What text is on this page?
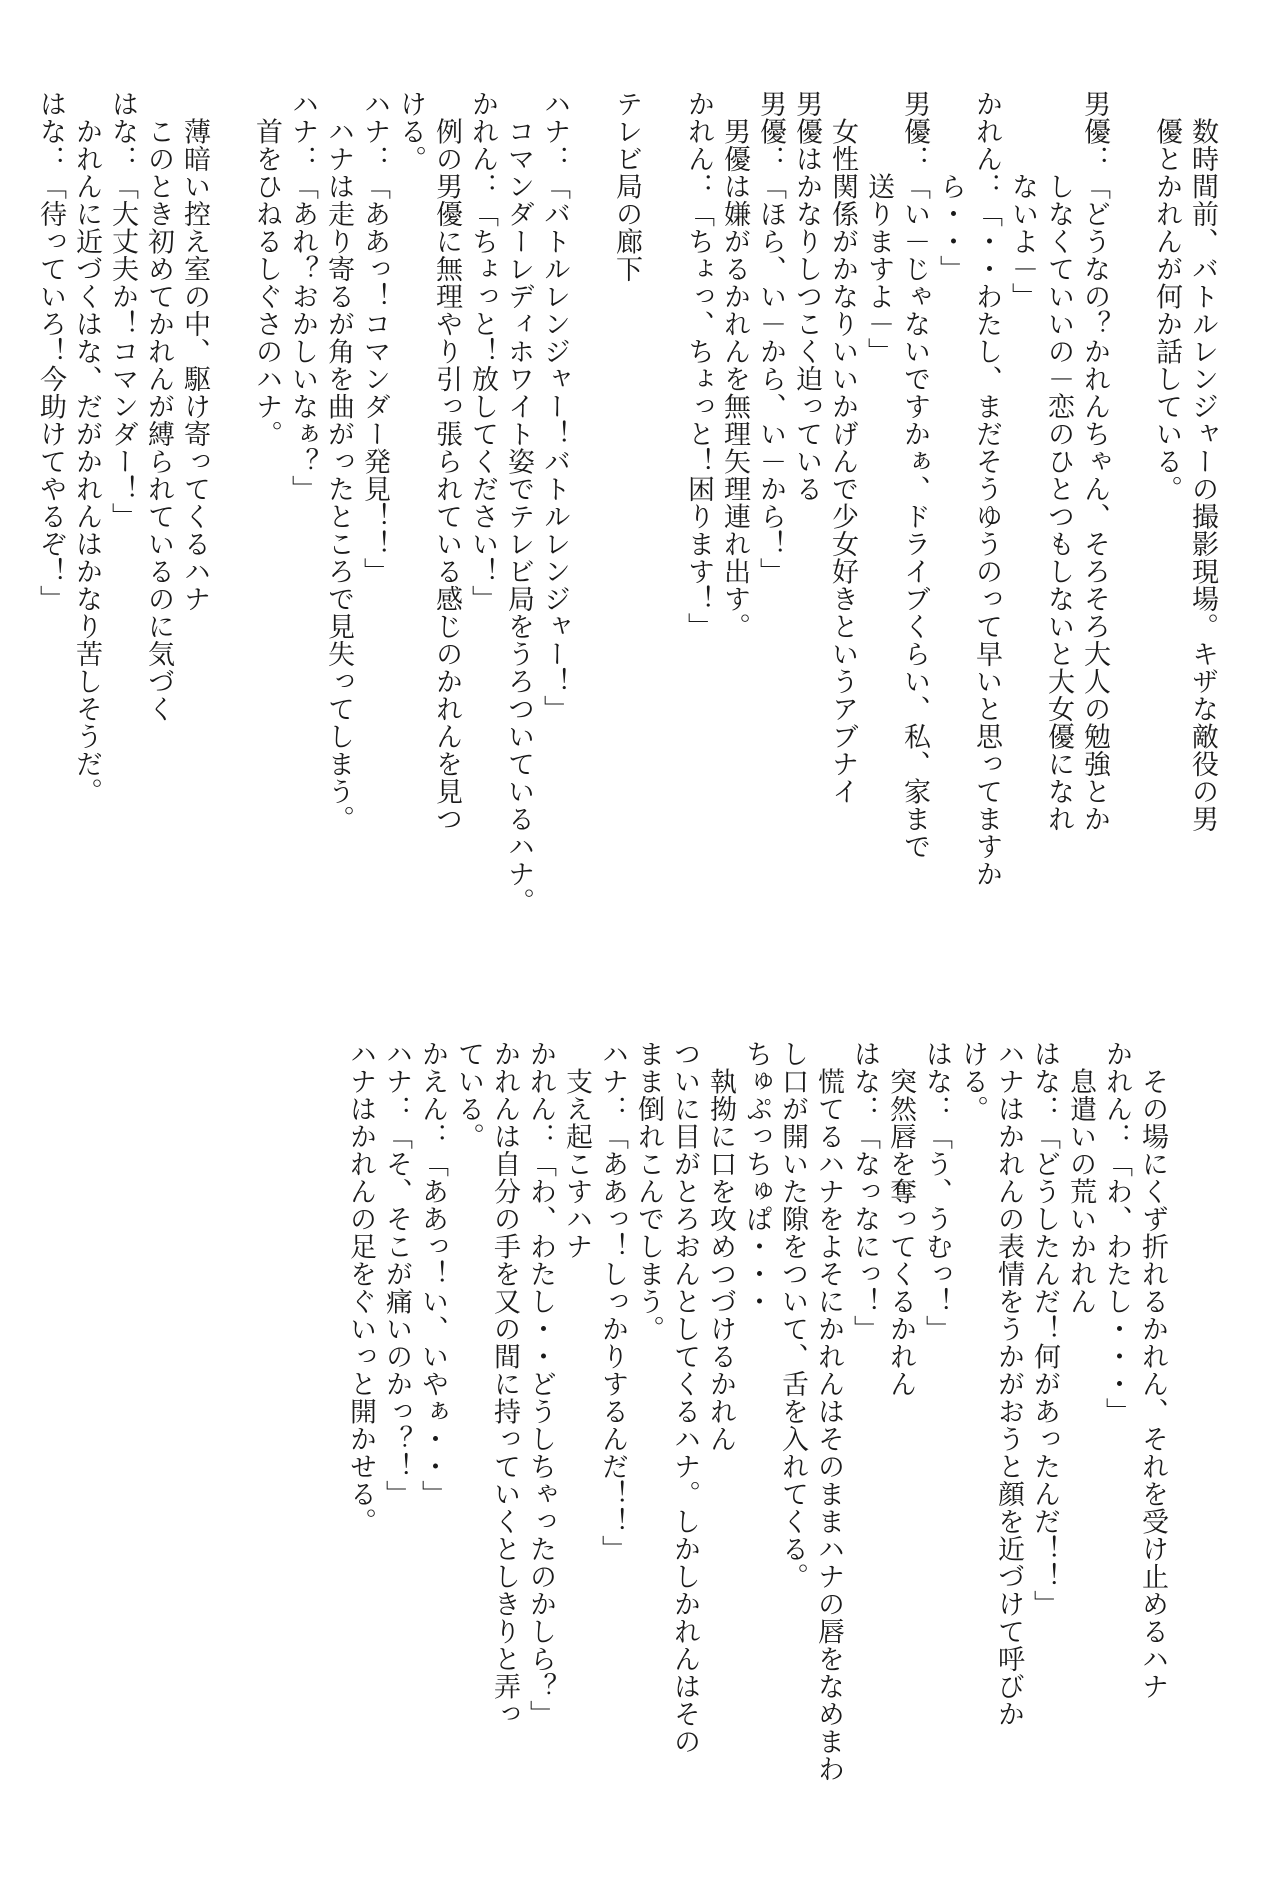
　数時間前、バトルレンジャーの撮影現場。キザな敵役の男
　優とかれんが何か話している。

男優：「どうなの？かれんちゃん、そろそろ大人の勉強とか
　　　しなくていいの－恋のひとつもしないと大女優になれ
　　　ないよ－」
かれん：「・・わたし、まだそうゆうのって早いと思ってますか
　　　ら・・」
男優：「い－じゃないですかぁ、ドライブくらい、私、家まで
　　　送りますよ－」
　女性関係がかなりいいかげんで少女好きというアブナイ
男優はかなりしつこく迫っている
男優：「ほら、い－から、い－から！」
　男優は嫌がるかれんを無理矢理連れ出す。
かれん：「ちょっ、ちょっと！困ります！」

テレビ局の廊下

ハナ：「バトルレンジャー！バトルレンジャー！」
　コマンダーレディホワイト姿でテレビ局をうろついているハナ。
かれん：「ちょっと！放してください！」
　例の男優に無理やり引っ張られている感じのかれんを見つ
ける。
ハナ：「ああっ！コマンダー発見！！」
　ハナは走り寄るが角を曲がったところで見失ってしまう。
ハナ：「あれ？おかしいなぁ？」
　首をひねるしぐさのハナ。

　薄暗い控え室の中、駆け寄ってくるハナ
　このとき初めてかれんが縛られているのに気づく
はな：「大丈夫か！コマンダー！」
　かれんに近づくはな、だがかれんはかなり苦しそうだ。
はな：「待っていろ！今助けてやるぞ！」
　その場にくず折れるかれん、それを受け止めるハナ
かれん：「わ、わたし・・・」
　息遣いの荒いかれん
はな：「どうしたんだ！何があったんだ！！」
ハナはかれんの表情をうかがおうと顔を近づけて呼びか
ける。
はな：「う、うむっ！」
　突然唇を奪ってくるかれん
はな：「なっなにっ！」
　慌てるハナをよそにかれんはそのままハナの唇をなめまわ
し口が開いた隙をついて、舌を入れてくる。
ちゅぷっちゅぱ・・・
　執拗に口を攻めつづけるかれん
ついに目がとろおんとしてくるハナ。しかしかれんはその
まま倒れこんでしまう。
ハナ：「ああっ！しっかりするんだ！！」
　支え起こすハナ
かれん：「わ、わたし・・どうしちゃったのかしら？」
かれんは自分の手を又の間に持っていくとしきりと弄っ
ている。
かえん：「ああっ！い、いやぁ・・」
ハナ：「そ、そこが痛いのかっ？！」
ハナはかれんの足をぐいっと開かせる。
